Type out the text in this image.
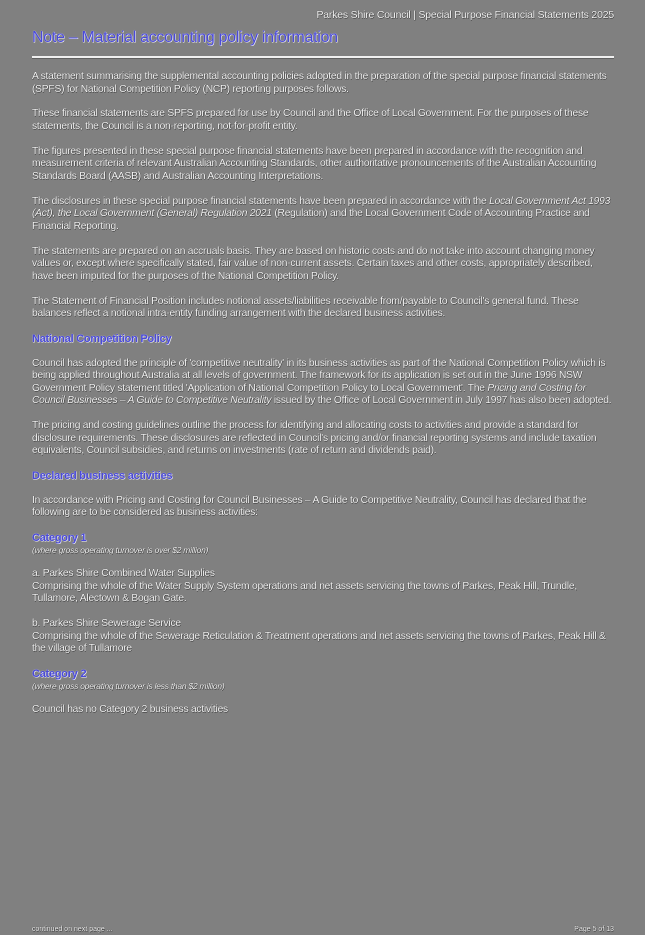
Parkes Shire Council | Special Purpose Financial Statements 2025
Note – Material accounting policy information

A statement summarising the supplemental accounting policies adopted in the preparation of the special purpose financial statements (SPFS) for National Competition Policy (NCP) reporting purposes follows.

These financial statements are SPFS prepared for use by Council and the Office of Local Government. For the purposes of these statements, the Council is a non-reporting, not-for-profit entity.

The figures presented in these special purpose financial statements have been prepared in accordance with the recognition and measurement criteria of relevant Australian Accounting Standards, other authoritative pronouncements of the Australian Accounting Standards Board (AASB) and Australian Accounting Interpretations.

The disclosures in these special purpose financial statements have been prepared in accordance with the Local Government Act 1993 (Act), the Local Government (General) Regulation 2021 (Regulation) and the Local Government Code of Accounting Practice and Financial Reporting.

The statements are prepared on an accruals basis. They are based on historic costs and do not take into account changing money values or, except where specifically stated, fair value of non-current assets. Certain taxes and other costs, appropriately described, have been imputed for the purposes of the National Competition Policy.

The Statement of Financial Position includes notional assets/liabilities receivable from/payable to Council's general fund. These balances reflect a notional intra-entity funding arrangement with the declared business activities.

National Competition Policy

Council has adopted the principle of 'competitive neutrality' in its business activities as part of the National Competition Policy which is being applied throughout Australia at all levels of government. The framework for its application is set out in the June 1996 NSW Government Policy statement titled 'Application of National Competition Policy to Local Government'. The Pricing and Costing for Council Businesses – A Guide to Competitive Neutrality issued by the Office of Local Government in July 1997 has also been adopted.

The pricing and costing guidelines outline the process for identifying and allocating costs to activities and provide a standard for disclosure requirements. These disclosures are reflected in Council's pricing and/or financial reporting systems and include taxation equivalents, Council subsidies, and returns on investments (rate of return and dividends paid).

Declared business activities

In accordance with Pricing and Costing for Council Businesses – A Guide to Competitive Neutrality, Council has declared that the following are to be considered as business activities:

Category 1
(where gross operating turnover is over $2 million)
a. Parkes Shire Combined Water Supplies
Comprising the whole of the Water Supply System operations and net assets servicing the towns of Parkes, Peak Hill, Trundle, Tullamore, Alectown & Bogan Gate.
b. Parkes Shire Sewerage Service
Comprising the whole of the Sewerage Reticulation & Treatment operations and net assets servicing the towns of Parkes, Peak Hill & the village of Tullamore
Category 2
(where gross operating turnover is less than $2 million)
Council has no Category 2 business activities
continued on next page ...	Page 5 of 13
